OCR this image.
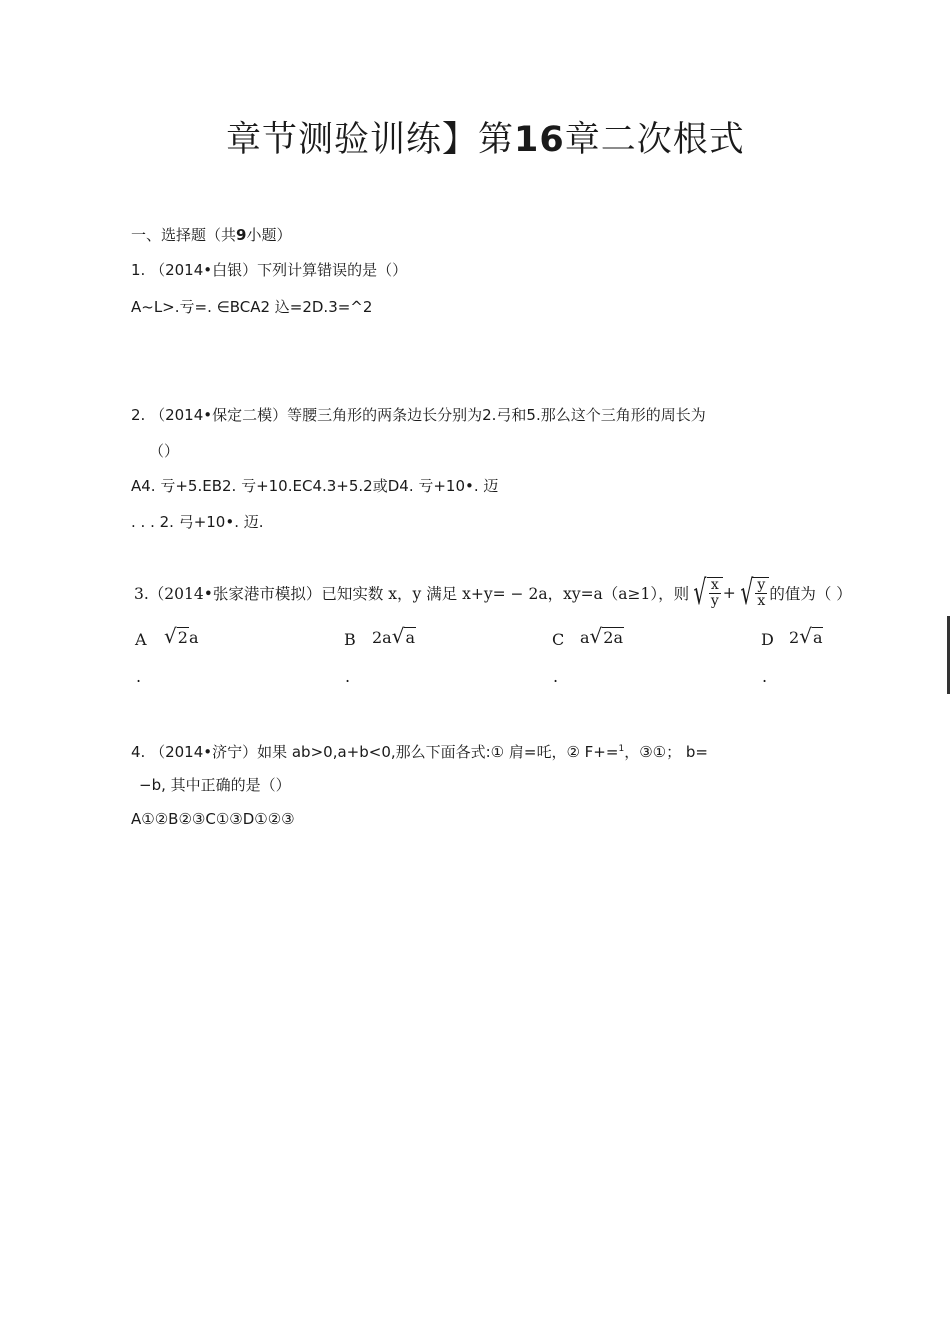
章节测验训练】第16章二次根式
一、选择题（共9小题）
1. （2014•白银）下列计算错误的是（）
A~L>.亏=. ∈BCA2 込=2D.3=^2
2. （2014•保定二模）等腰三角形的两条边长分别为2.弓和5.那么这个三角形的周长为
（）
A4. 亏+5.EB2. 亏+10.EC4.3+5.2或D4. 亏+10•. 迈
. . . 2. 弓+10•. 迈.
3.（2014•张家港市模拟）已知实数 x，y 满足 x+y= − 2a，xy=a（a≥1），则 √ $\frac{x}{y}$ + √ $\frac{y}{x}$ 的值为（ ）
A √2a	B 2a√a	C a√2a	D 2√a
.	.	.	.
4. （2014•济宁）如果 ab>0,a+b<0,那么下面各式:① 肩=吒，② F+=$^1$，③①； b=
−b, 其中正确的是（）
A①②B②③C①③D①②③
